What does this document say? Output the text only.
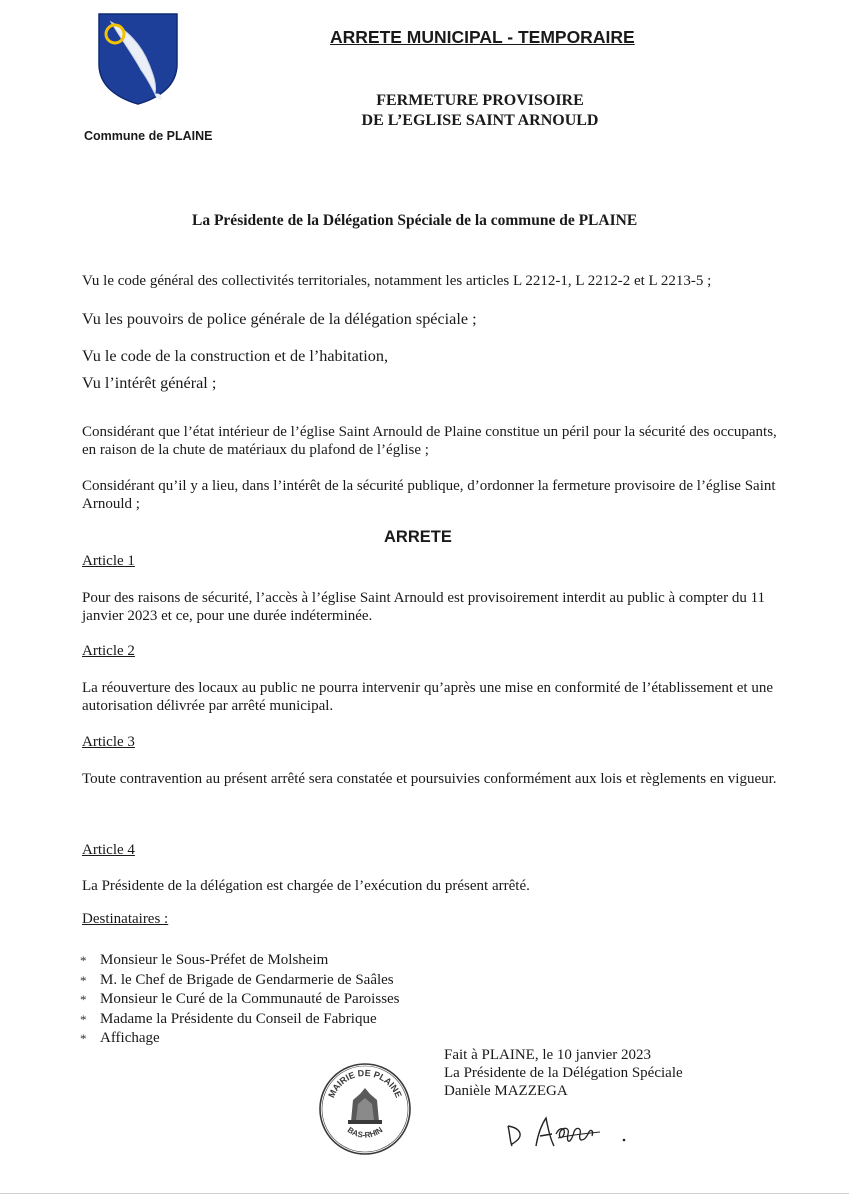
Commune de PLAINE
ARRETE MUNICIPAL - TEMPORAIRE
FERMETURE PROVISOIRE
DE L’EGLISE SAINT ARNOULD
La Présidente de la Délégation Spéciale de la commune de PLAINE

Vu le code général des collectivités territoriales, notamment les articles L 2212-1, L 2212-2 et L 2213-5 ;

Vu les pouvoirs de police générale de la délégation spéciale ;

Vu le code de la construction et de l’habitation,

Vu l’intérêt général ;

Considérant que l’état intérieur de l’église Saint Arnould de Plaine constitue un péril pour la sécurité des occupants, en raison de la chute de matériaux du plafond de l’église ;

Considérant qu’il y a lieu, dans l’intérêt de la sécurité publique, d’ordonner la fermeture provisoire de l’église Saint Arnould ;

ARRETE
Article 1

Pour des raisons de sécurité, l’accès à l’église Saint Arnould est provisoirement interdit au public à compter du 11 janvier 2023 et ce, pour une durée indéterminée.

Article 2

La réouverture des locaux au public ne pourra intervenir qu’après une mise en conformité de l’établissement et une autorisation délivrée par arrêté municipal.

Article 3

Toute contravention au présent arrêté sera constatée et poursuivies conformément aux lois et règlements en vigueur.

Article 4

La Présidente de la délégation est chargée de l’exécution du présent arrêté.

Destinataires :
* Monsieur le Sous-Préfet de Molsheim
* M. le Chef de Brigade de Gendarmerie de Saâles
* Monsieur le Curé de la Communauté de Paroisses
* Madame la Présidente du Conseil de Fabrique
* Affichage
Fait à PLAINE, le 10 janvier 2023
La Présidente de la Délégation Spéciale
Danièle MAZZEGA
MAIRIE DE PLAINE
BAS-RHIN
